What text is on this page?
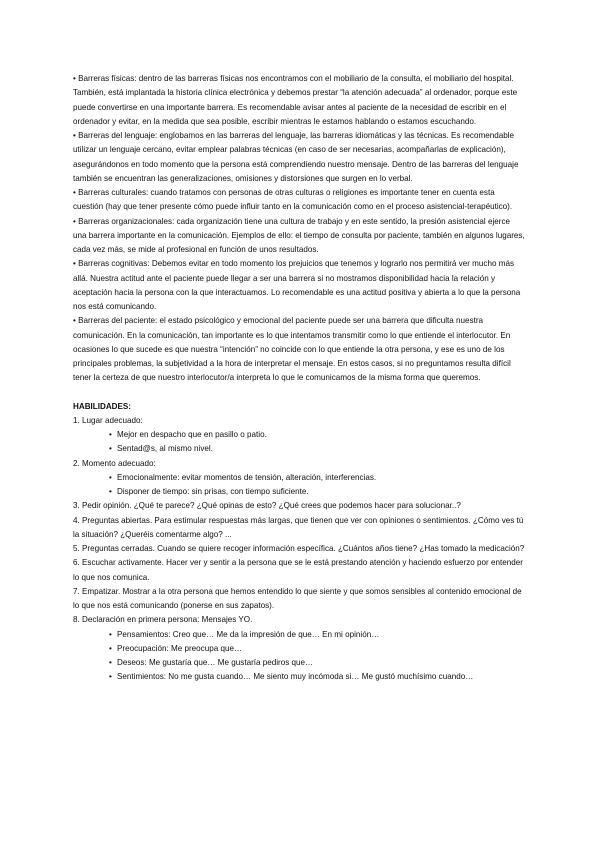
• Barreras físicas: dentro de las barreras físicas nos encontramos con el mobiliario de la consulta, el mobiliario del hospital. También, está implantada la historia clínica electrónica y debemos prestar “la atención adecuada” al ordenador, porque este puede convertirse en una importante barrera. Es recomendable avisar antes al paciente de la necesidad de escribir en el ordenador y evitar, en la medida que sea posible, escribir mientras le estamos hablando o estamos escuchando.

• Barreras del lenguaje: englobamos en las barreras del lenguaje, las barreras idiomáticas y las técnicas. Es recomendable utilizar un lenguaje cercano, evitar emplear palabras técnicas (en caso de ser necesarias, acompañarlas de explicación), asegurándonos en todo momento que la persona está comprendiendo nuestro mensaje. Dentro de las barreras del lenguaje también se encuentran las generalizaciones, omisiones y distorsiones que surgen en lo verbal.

• Barreras culturales: cuando tratamos con personas de otras culturas o religiones es importante tener en cuenta esta cuestión (hay que tener presente cómo puede influir tanto en la comunicación como en el proceso asistencial-terapéutico).

• Barreras organizacionales: cada organización tiene una cultura de trabajo y en este sentido, la presión asistencial ejerce una barrera importante en la comunicación. Ejemplos de ello: el tiempo de consulta por paciente, también en algunos lugares, cada vez más, se mide al profesional en función de unos resultados.

• Barreras cognitivas: Debemos evitar en todo momento los prejuicios que tenemos y lograrlo nos permitirá ver mucho más allá. Nuestra actitud ante el paciente puede llegar a ser una barrera si no mostramos disponibilidad hacia la relación y aceptación hacia la persona con la que interactuamos. Lo recomendable es una actitud positiva y abierta a lo que la persona nos está comunicando.

• Barreras del paciente: el estado psicológico y emocional del paciente puede ser una barrera que dificulta nuestra comunicación. En la comunicación, tan importante es lo que intentamos transmitir como lo que entiende el interlocutor. En ocasiones lo que sucede es que nuestra “intención” no coincide con lo que entiende la otra persona, y ese es uno de los principales problemas, la subjetividad a la hora de interpretar el mensaje. En estos casos, si no preguntamos resulta difícil tener la certeza de que nuestro interlocutor/a interpreta lo que le comunicamos de la misma forma que queremos.

HABILIDADES:

1. Lugar adecuado:

• Mejor en despacho que en pasillo o patio.
• Sentad@s, al mismo nivel.

2. Momento adecuado:

• Emocionalmente: evitar momentos de tensión, alteración, interferencias.
• Disponer de tiempo: sin prisas, con tiempo suficiente.

3. Pedir opinión. ¿Qué te parece? ¿Qué opinas de esto? ¿Qué crees que podemos hacer para solucionar..?

4. Preguntas abiertas. Para estimular respuestas más largas, que tienen que ver con opiniones o sentimientos. ¿Cómo ves tú la situación? ¿Queréis comentarme algo? ...

5. Preguntas cerradas. Cuando se quiere recoger información específica. ¿Cuántos años tiene? ¿Has tomado la medicación?

6. Escuchar activamente. Hacer ver y sentir a la persona que se le está prestando atención y haciendo esfuerzo por entender lo que nos comunica.

7. Empatizar. Mostrar a la otra persona que hemos entendido lo que siente y que somos sensibles al contenido emocional de lo que nos está comunicando (ponerse en sus zapatos).

8. Declaración en primera persona: Mensajes YO.

• Pensamientos: Creo que… Me da la impresión de que… En mi opinión…
• Preocupación: Me preocupa que…
• Deseos: Me gustaría que… Me gustaría pediros que…
• Sentimientos: No me gusta cuando… Me siento muy incómoda si… Me gustó muchísimo cuando…
